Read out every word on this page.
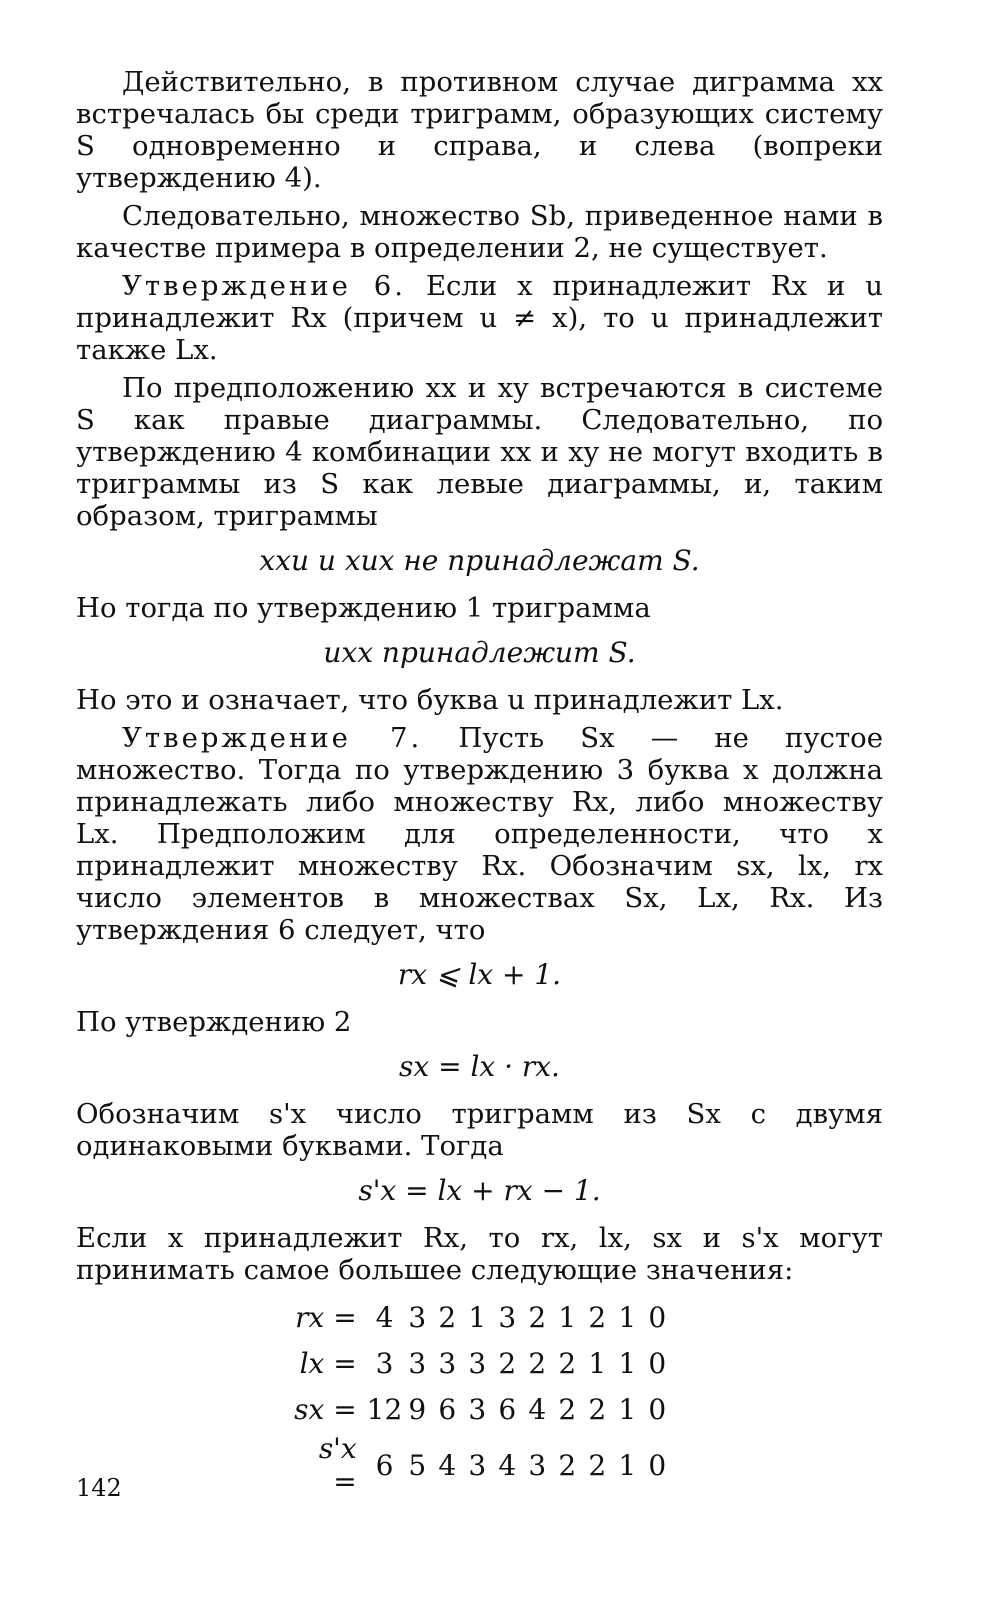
Действительно, в противном случае диграмма xx встречалась бы среди триграмм, образующих систему S одновременно и справа, и слева (вопреки утверждению 4).

Следовательно, множество Sb, приведенное нами в качестве примера в определении 2, не существует.

Утверждение 6. Если x принадлежит Rx и u принадлежит Rx (причем u ≠ x), то u принадлежит также Lx.

По предположению xx и xy встречаются в системе S как правые диаграммы. Следовательно, по утверждению 4 комбинации xx и xy не могут входить в триграммы из S как левые диаграммы, и, таким образом, триграммы

xxu и xux не принадлежат S.

Но тогда по утверждению 1 триграмма

uxx принадлежит S.

Но это и означает, что буква u принадлежит Lx.

Утверждение 7. Пусть Sx — не пустое множество. Тогда по утверждению 3 буква x должна принадлежать либо множеству Rx, либо множеству Lx. Предположим для определенности, что x принадлежит множеству Rx. Обозначим sx, lx, rx число элементов в множествах Sx, Lx, Rx. Из утверждения 6 следует, что

rx ⩽ lx + 1.

По утверждению 2

sx = lx · rx.

Обозначим s'x число триграмм из Sx с двумя одинаковыми буквами. Тогда

s'x = lx + rx − 1.

Если x принадлежит Rx, то rx, lx, sx и s'x могут принимать самое большее следующие значения:

rx =	4	3	2	1	3	2	1	2	1	0
lx =	3	3	3	3	2	2	2	1	1	0
sx =	12	9	6	3	6	4	2	2	1	0
s'x =	6	5	4	3	4	3	2	2	1	0
142
